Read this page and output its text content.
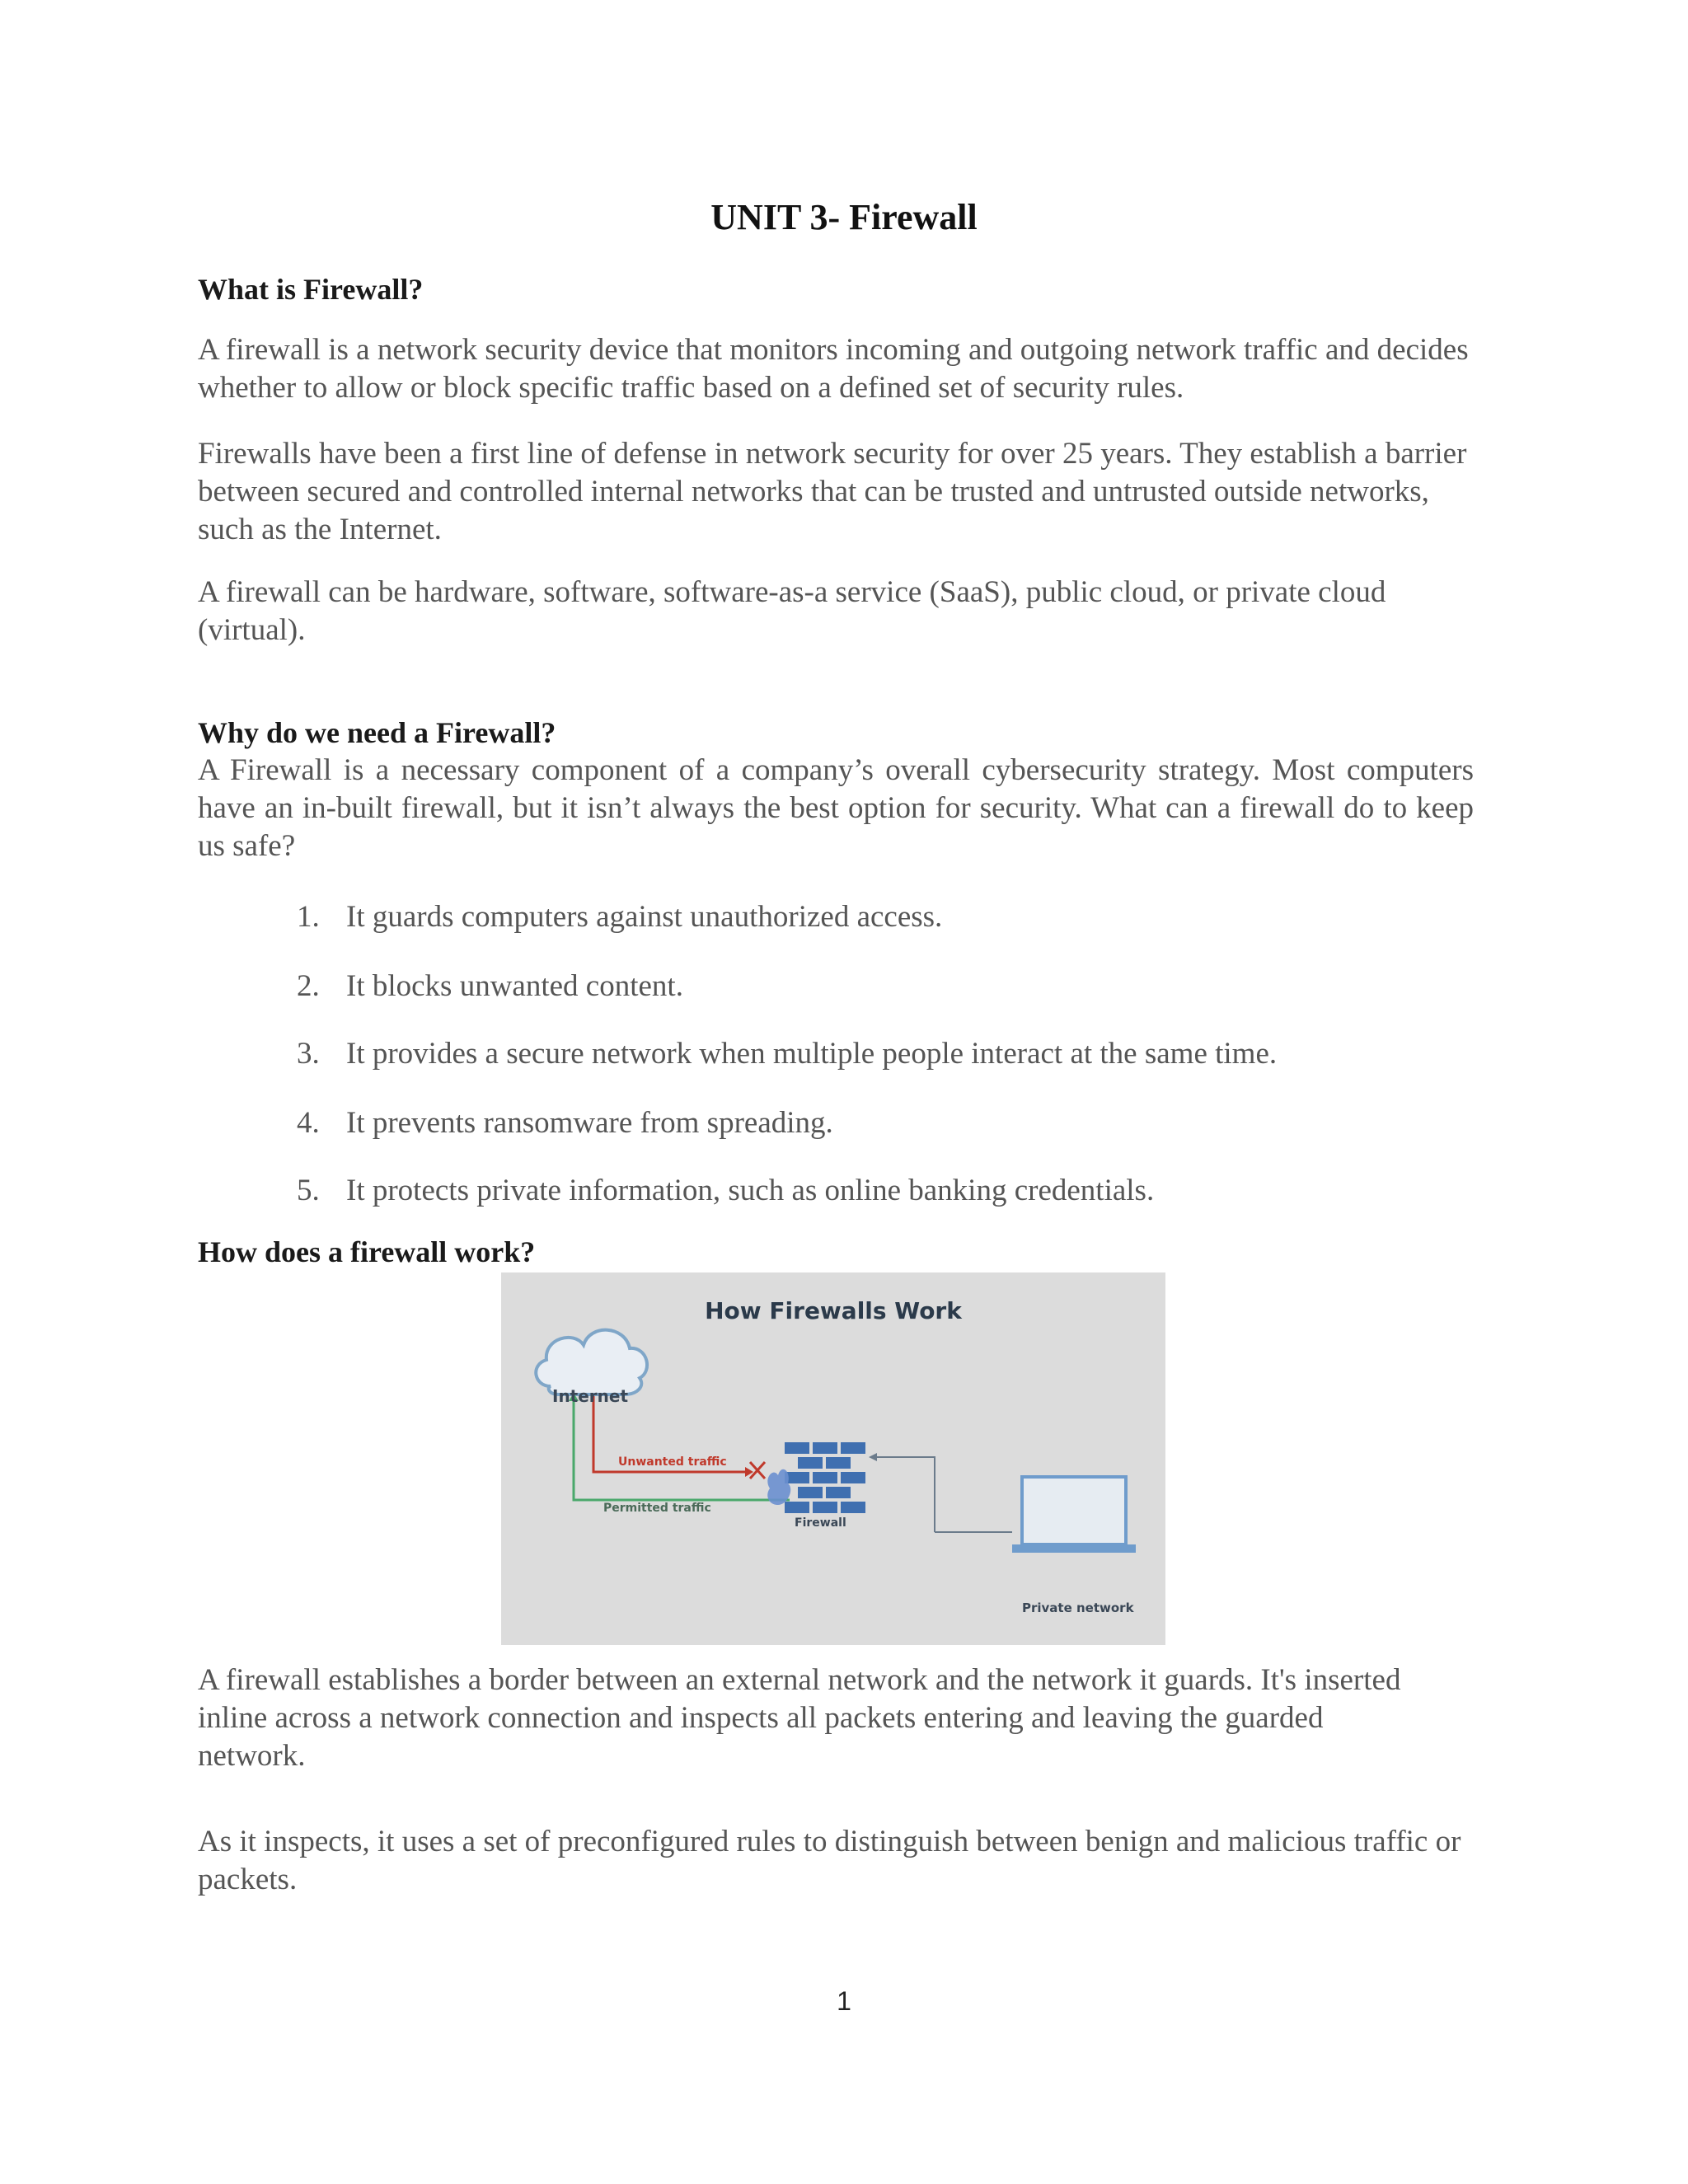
UNIT 3- Firewall
What is Firewall?

A firewall is a network security device that monitors incoming and outgoing network traffic and decides whether to allow or block specific traffic based on a defined set of security rules.

Firewalls have been a first line of defense in network security for over 25 years. They establish a barrier between secured and controlled internal networks that can be trusted and untrusted outside networks, such as the Internet.

A firewall can be hardware, software, software-as-a service (SaaS), public cloud, or private cloud (virtual).

Why do we need a Firewall?

A Firewall is a necessary component of a company’s overall cybersecurity strategy. Most computers have an in-built firewall, but it isn’t always the best option for security. What can a firewall do to keep us safe?

1. It guards computers against unauthorized access.
2. It blocks unwanted content.
3. It provides a secure network when multiple people interact at the same time.
4. It prevents ransomware from spreading.
5. It protects private information, such as online banking credentials.
How does a firewall work?
How Firewalls Work
Internet
Unwanted traffic
Permitted traffic
Firewall
Private network

A firewall establishes a border between an external network and the network it guards. It's inserted inline across a network connection and inspects all packets entering and leaving the guarded network.

As it inspects, it uses a set of preconfigured rules to distinguish between benign and malicious traffic or packets.

1
